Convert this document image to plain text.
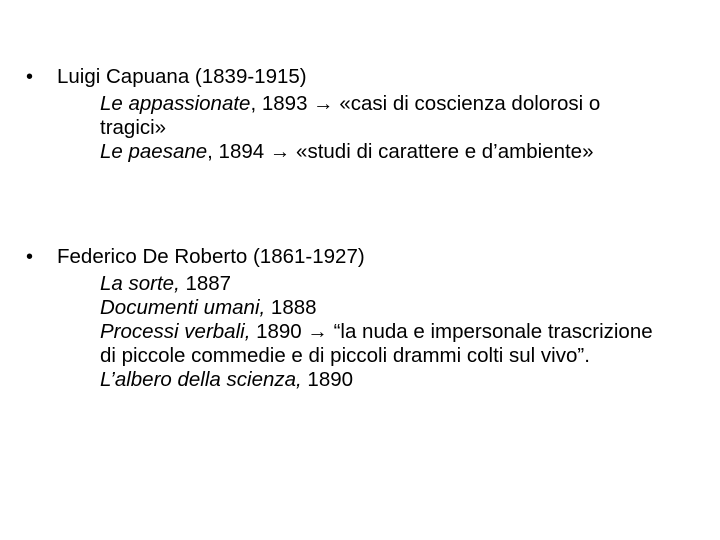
• Luigi Capuana (1839-1915)

Le appassionate, 1893 → «casi di coscienza dolorosi o tragici»

Le paesane, 1894 → «studi di carattere e d’ambiente»

• Federico De Roberto (1861-1927)

La sorte, 1887

Documenti umani, 1888

Processi verbali, 1890 → “la nuda e impersonale trascrizione di piccole commedie e di piccoli drammi colti sul vivo”.

L’albero della scienza, 1890
